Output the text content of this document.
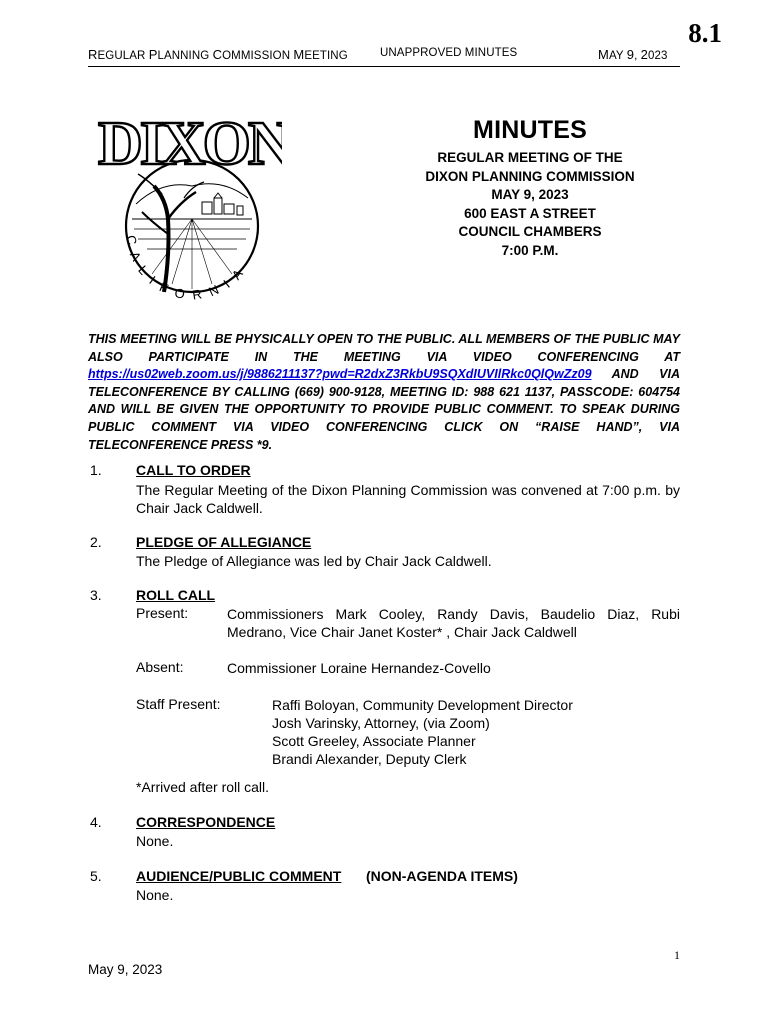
8.1
REGULAR PLANNING COMMISSION MEETING	UNAPPROVED MINUTES	MAY 9, 2023
DIXON
CALIFORNIA
MINUTES
REGULAR MEETING OF THE
DIXON PLANNING COMMISSION
MAY 9, 2023
600 EAST A STREET
COUNCIL CHAMBERS
7:00 P.M.
THIS MEETING WILL BE PHYSICALLY OPEN TO THE PUBLIC. ALL MEMBERS OF THE PUBLIC MAY ALSO PARTICIPATE IN THE MEETING VIA VIDEO CONFERENCING AT https://us02web.zoom.us/j/9886211137?pwd=R2dxZ3RkbU9SQXdIUVIlRkc0QlQwZz09 AND VIA TELECONFERENCE BY CALLING (669) 900-9128, MEETING ID: 988 621 1137, PASSCODE: 604754 AND WILL BE GIVEN THE OPPORTUNITY TO PROVIDE PUBLIC COMMENT. TO SPEAK DURING PUBLIC COMMENT VIA VIDEO CONFERENCING CLICK ON “RAISE HAND”, VIA TELECONFERENCE PRESS *9.
1. CALL TO ORDER
The Regular Meeting of the Dixon Planning Commission was convened at 7:00 p.m. by Chair Jack Caldwell.
2. PLEDGE OF ALLEGIANCE
The Pledge of Allegiance was led by Chair Jack Caldwell.
3. ROLL CALL
Present:	Commissioners Mark Cooley, Randy Davis, Baudelio Diaz, Rubi Medrano, Vice Chair Janet Koster* , Chair Jack Caldwell
Absent:	Commissioner Loraine Hernandez-Covello
Staff Present:	Raffi Boloyan, Community Development Director
Josh Varinsky, Attorney, (via Zoom)
Scott Greeley, Associate Planner
Brandi Alexander, Deputy Clerk
*Arrived after roll call.
4. CORRESPONDENCE
None.
5. AUDIENCE/PUBLIC COMMENT (NON-AGENDA ITEMS)
None.
1
May 9, 2023
